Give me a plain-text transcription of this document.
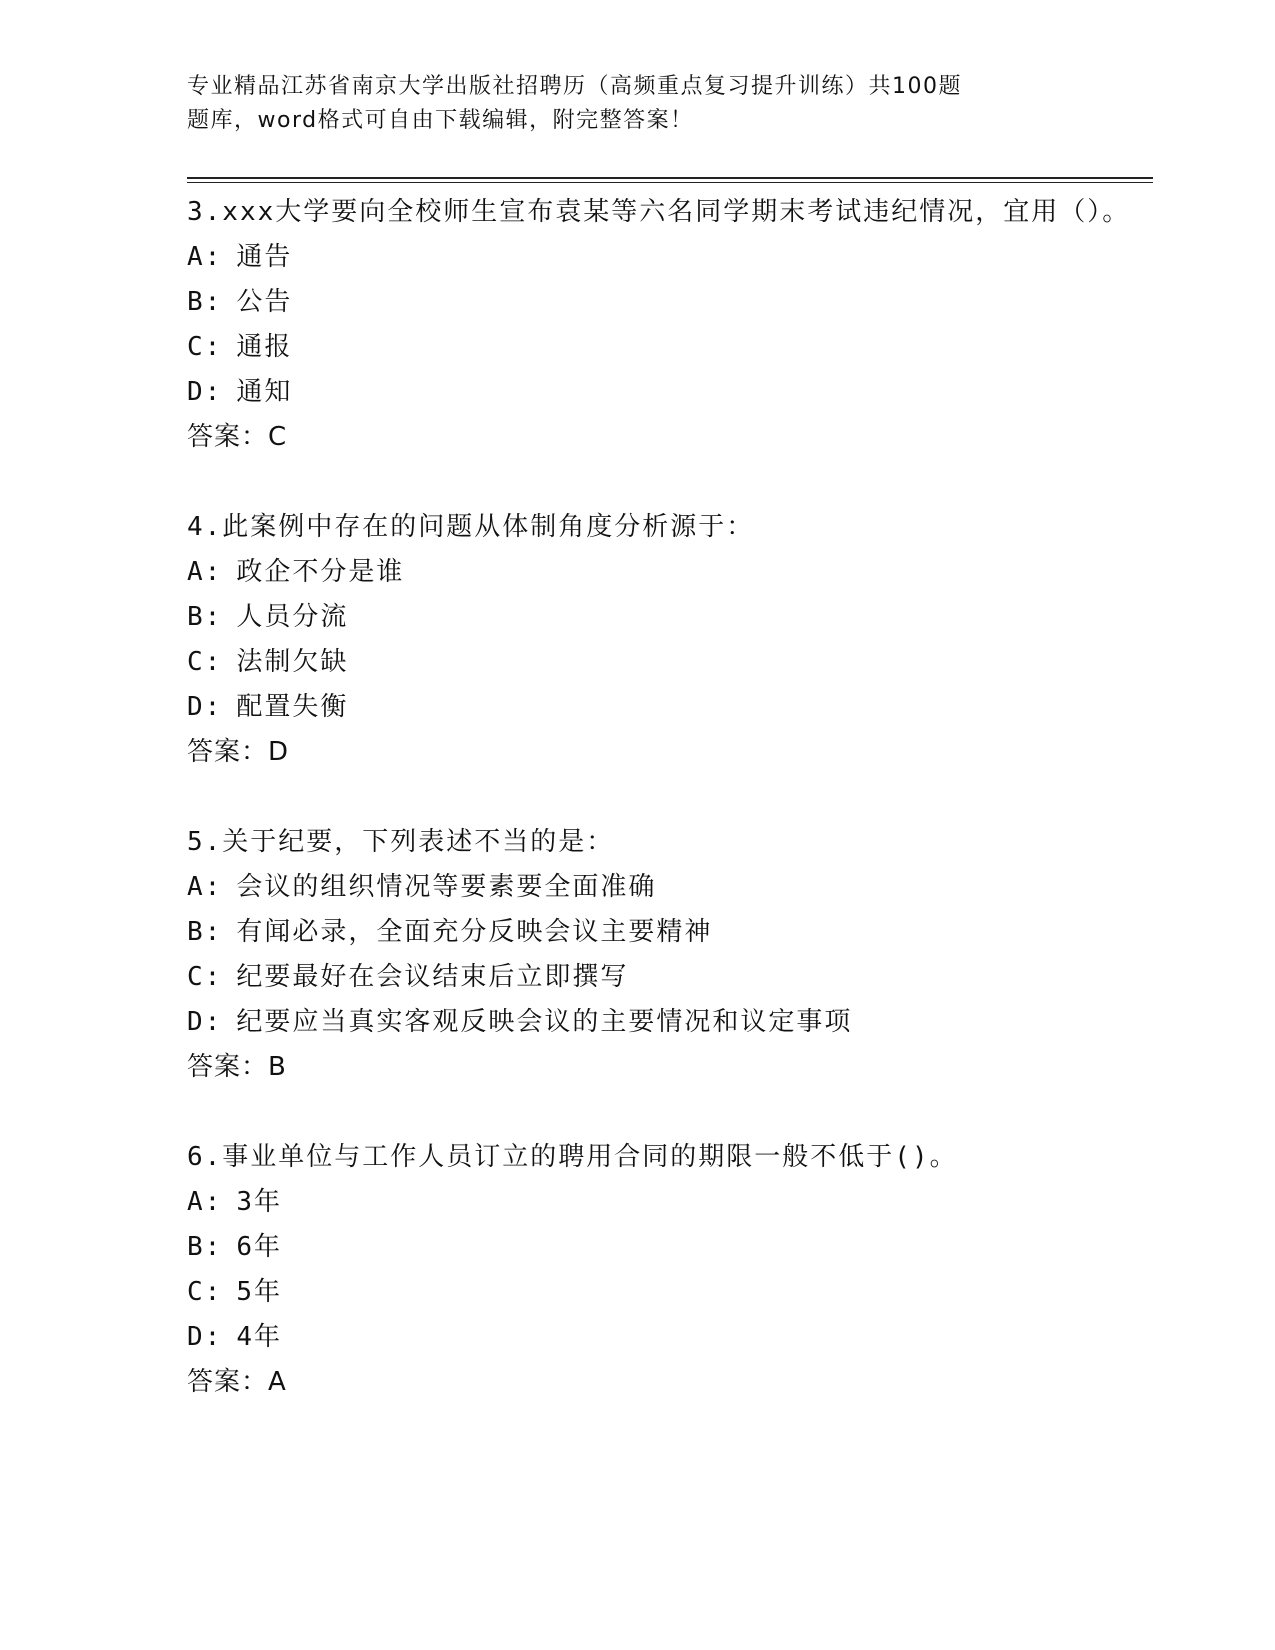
专业精品江苏省南京大学出版社招聘历（高频重点复习提升训练）共100题
题库，word格式可自由下载编辑，附完整答案！
3.xxx大学要向全校师生宣布袁某等六名同学期末考试违纪情况，宜用（）。
A: 通告
B: 公告
C: 通报
D: 通知
答案：C
4.此案例中存在的问题从体制角度分析源于：
A: 政企不分是谁
B: 人员分流
C: 法制欠缺
D: 配置失衡
答案：D
5.关于纪要，下列表述不当的是：
A: 会议的组织情况等要素要全面准确
B: 有闻必录，全面充分反映会议主要精神
C: 纪要最好在会议结束后立即撰写
D: 纪要应当真实客观反映会议的主要情况和议定事项
答案：B
6.事业单位与工作人员订立的聘用合同的期限一般不低于()。
A: 3年
B: 6年
C: 5年
D: 4年
答案：A
